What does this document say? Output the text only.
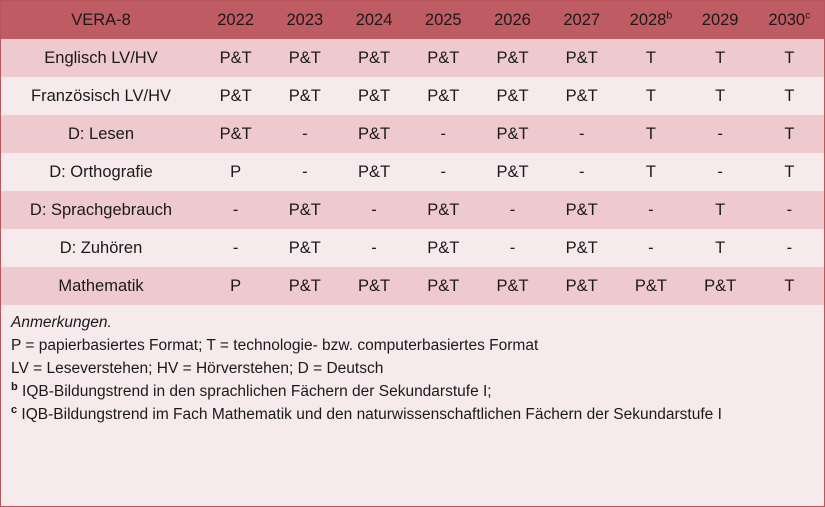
VERA-8	2022	2023	2024	2025	2026	2027	2028$^b$	2029	2030$^c$
Englisch LV/HV	P&T	P&T	P&T	P&T	P&T	P&T	T	T	T
Französisch LV/HV	P&T	P&T	P&T	P&T	P&T	P&T	T	T	T
D: Lesen	P&T	-	P&T	-	P&T	-	T	-	T
D: Orthografie	P	-	P&T	-	P&T	-	T	-	T
D: Sprachgebrauch	-	P&T	-	P&T	-	P&T	-	T	-
D: Zuhören	-	P&T	-	P&T	-	P&T	-	T	-
Mathematik	P	P&T	P&T	P&T	P&T	P&T	P&T	P&T	T

Anmerkungen.

P = papierbasiertes Format; T = technologie- bzw. computerbasiertes Format

LV = Leseverstehen; HV = Hörverstehen; D = Deutsch

$^b$ IQB-Bildungstrend in den sprachlichen Fächern der Sekundarstufe I;

$^c$ IQB-Bildungstrend im Fach Mathematik und den naturwissenschaftlichen Fächern der Sekundarstufe I
